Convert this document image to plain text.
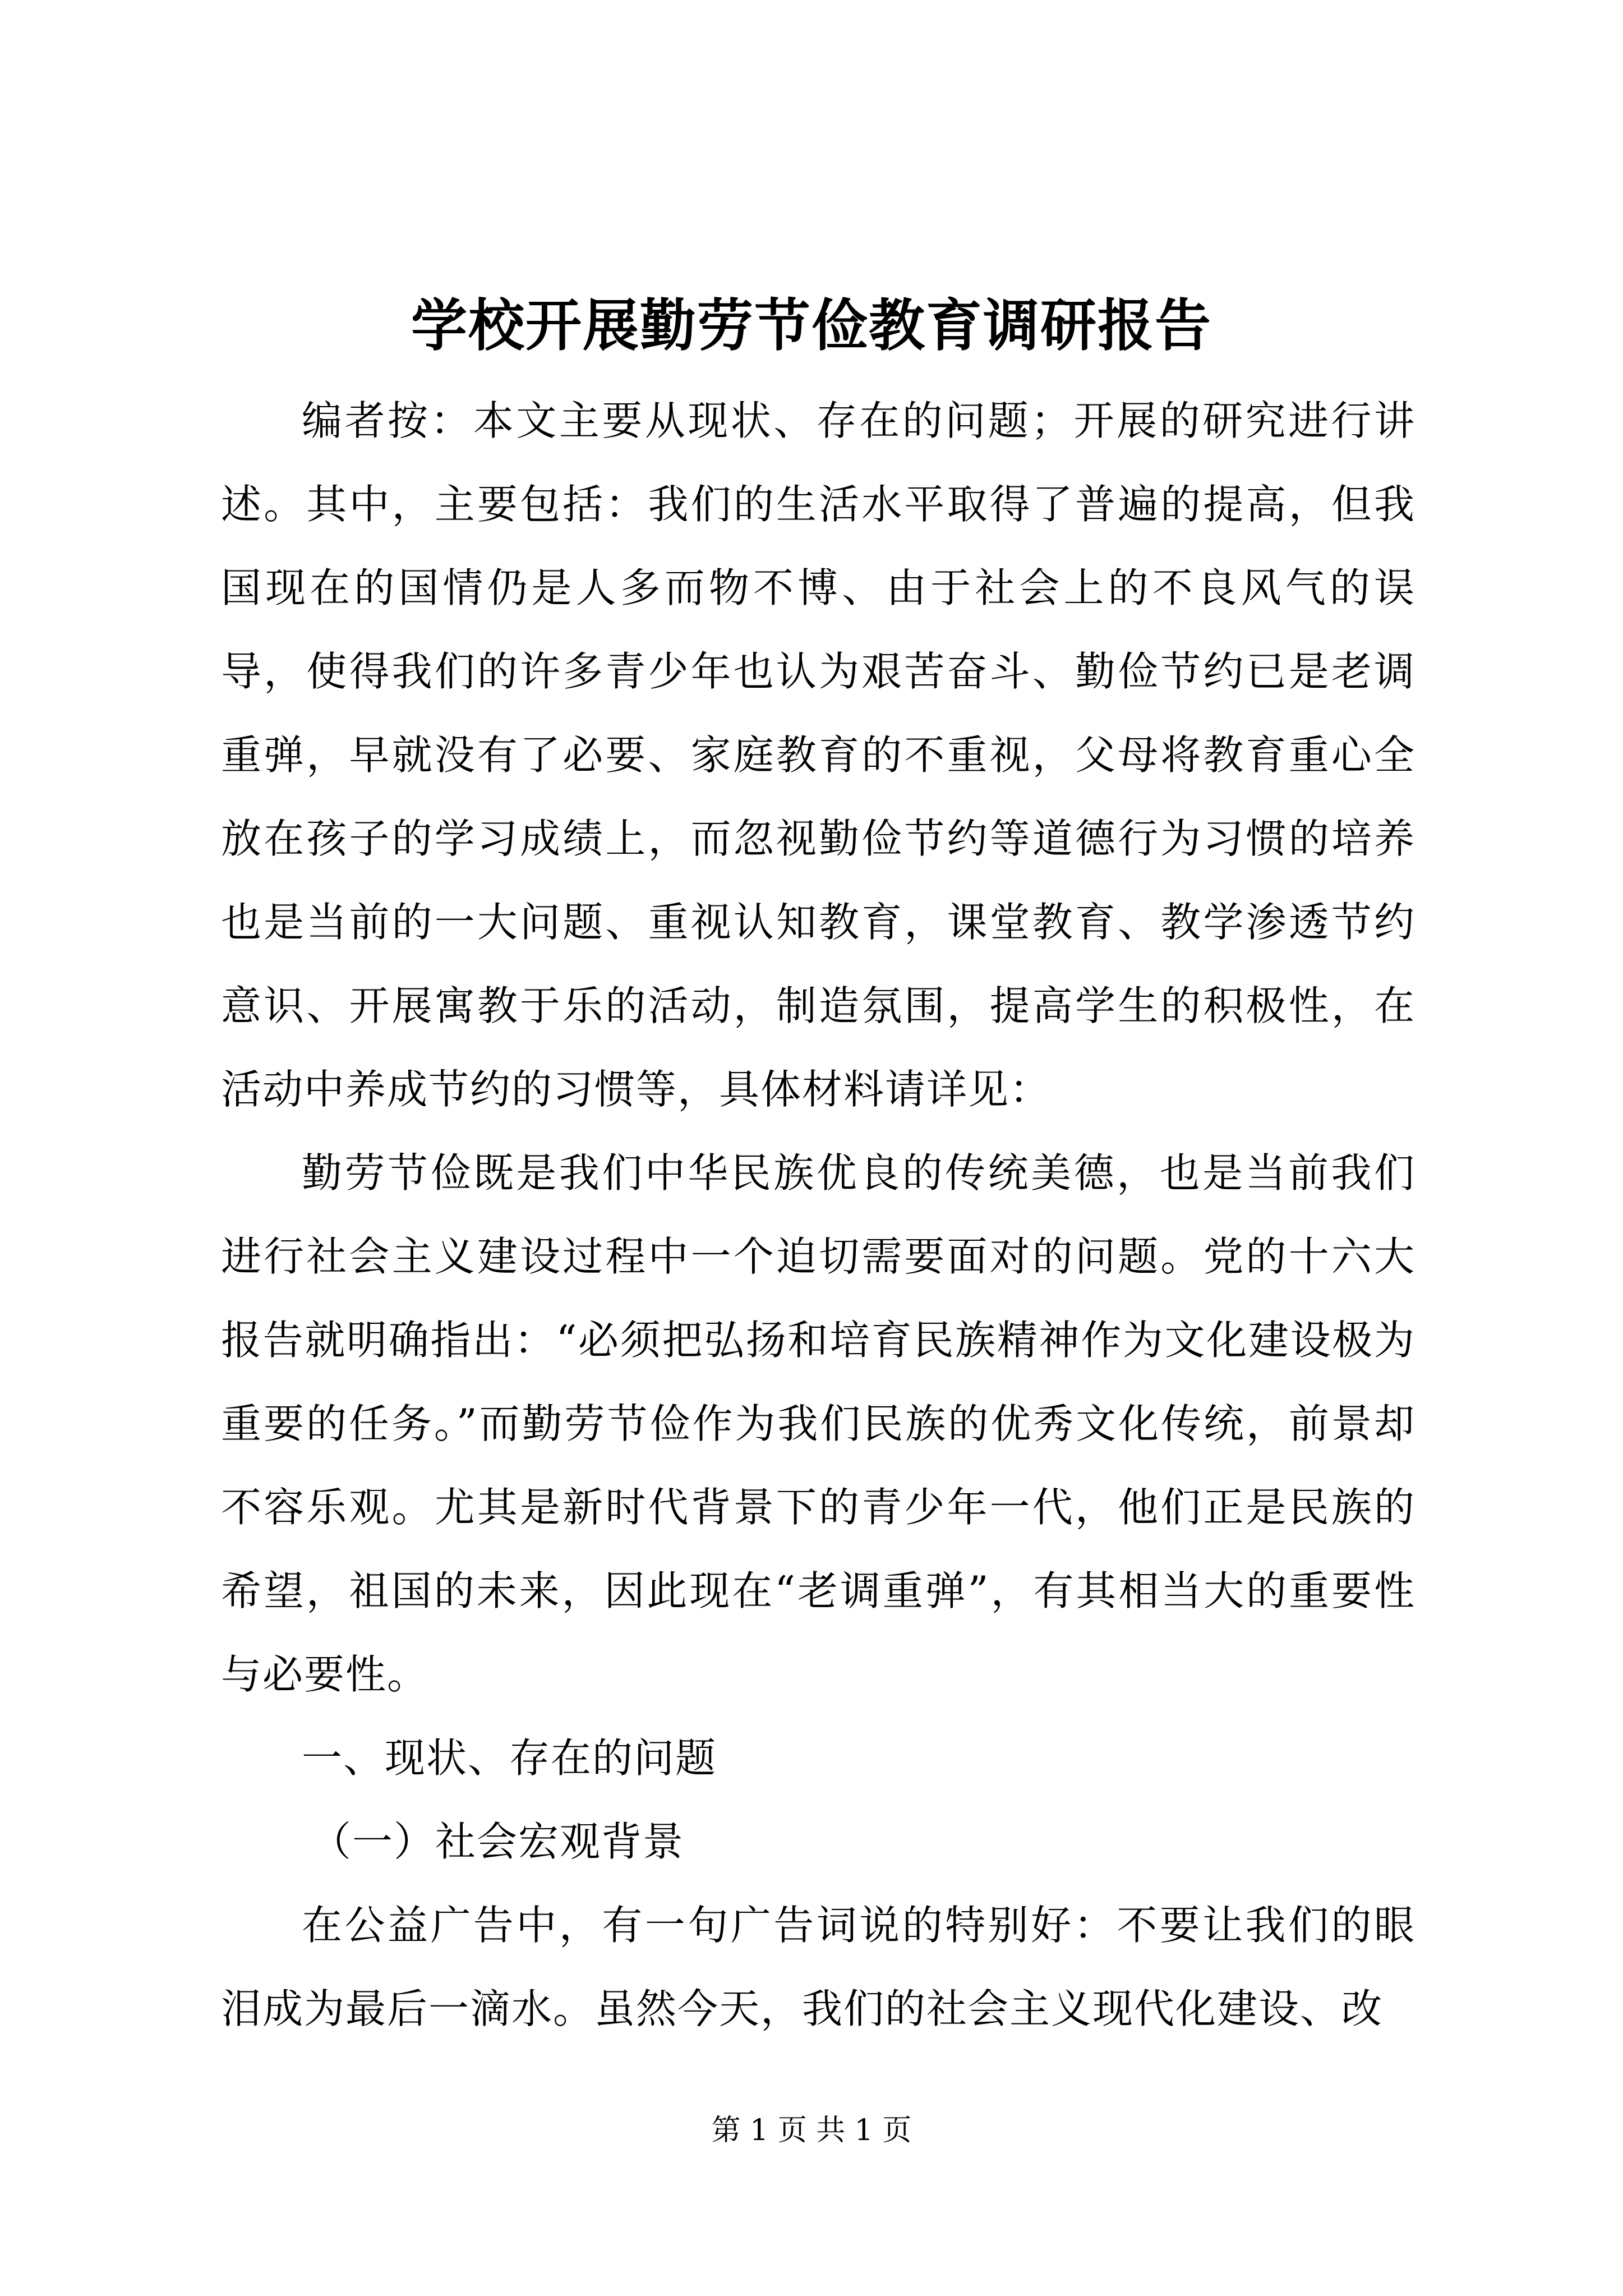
学校开展勤劳节俭教育调研报告

编者按：本文主要从现状、存在的问题；开展的研究进行讲述。其中，主要包括：我们的生活水平取得了普遍的提高，但我国现在的国情仍是人多而物不博、由于社会上的不良风气的误导，使得我们的许多青少年也认为艰苦奋斗、勤俭节约已是老调重弹，早就没有了必要、家庭教育的不重视，父母将教育重心全放在孩子的学习成绩上，而忽视勤俭节约等道德行为习惯的培养也是当前的一大问题、重视认知教育，课堂教育、教学渗透节约意识、开展寓教于乐的活动，制造氛围，提高学生的积极性，在活动中养成节约的习惯等，具体材料请详见：

勤劳节俭既是我们中华民族优良的传统美德，也是当前我们进行社会主义建设过程中一个迫切需要面对的问题。党的十六大报告就明确指出：“必须把弘扬和培育民族精神作为文化建设极为重要的任务。”而勤劳节俭作为我们民族的优秀文化传统，前景却不容乐观。尤其是新时代背景下的青少年一代，他们正是民族的希望，祖国的未来，因此现在“老调重弹”，有其相当大的重要性与必要性。

一、现状、存在的问题

（一）社会宏观背景

在公益广告中，有一句广告词说的特别好：不要让我们的眼泪成为最后一滴水。虽然今天，我们的社会主义现代化建设、改

第 1 页 共 1 页
